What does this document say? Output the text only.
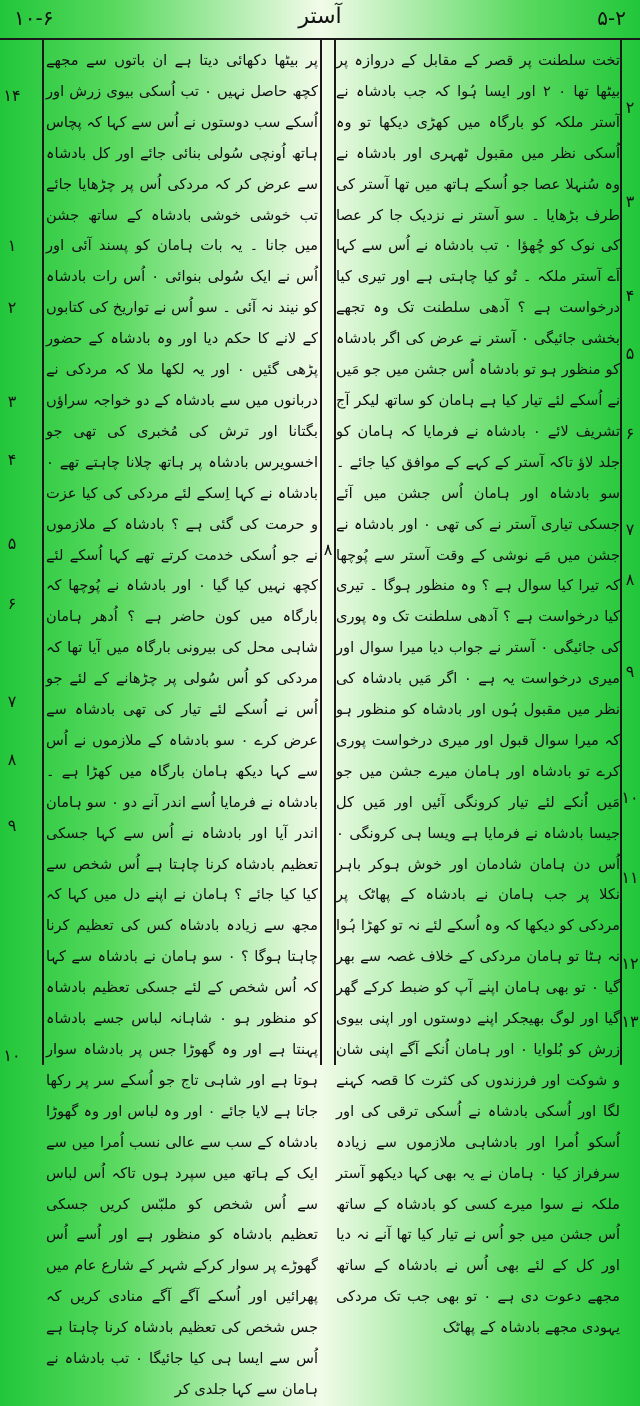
۱۰-۶	آستر	۵-۲

تخت سلطنت پر قصر کے مقابل کے دروازہ پر بیٹھا تھا ۰ ۲ اور ایسا ہُوا کہ جب بادشاہ نے آستر ملکہ کو بارگاہ میں کھڑی دیکھا تو وہ اُسکی نظر میں مقبول ٹھہری اور بادشاہ نے وہ سُنہلا عصا جو اُسکے ہاتھ میں تھا آستر کی طرف بڑھایا ۔ سو آستر نے نزدیک جا کر عصا کی نوک کو چُھؤا ۰ تب بادشاہ نے اُس سے کہا اَے آستر ملکہ ۔ تُو کیا چاہتی ہے اور تیری کیا درخواست ہے ؟ آدھی سلطنت تک وہ تجھے بخشی جائیگی ۰ آستر نے عرض کی اگر بادشاہ کو منظور ہو تو بادشاہ اُس جشن میں جو مَیں نے اُسکے لئے تیار کیا ہے ہامان کو ساتھ لیکر آج تشریف لائے ۰ بادشاہ نے فرمایا کہ ہامان کو جلد لاؤ تاکہ آستر کے کہے کے موافق کیا جائے ۔ سو بادشاہ اور ہامان اُس جشن میں آئے جسکی تیاری آستر نے کی تھی ۰ اور بادشاہ نے جشن میں مَے نوشی کے وقت آستر سے پُوچھا کہ تیرا کیا سوال ہے ؟ وہ منظور ہوگا ۔ تیری کیا درخواست ہے ؟ آدھی سلطنت تک وہ پوری کی جائیگی ۰ آستر نے جواب دیا میرا سوال اور میری درخواست یہ ہے ۰ اگر مَیں بادشاہ کی نظر میں مقبول ہُوں اور بادشاہ کو منظور ہو کہ میرا سوال قبول اور میری درخواست پوری کرے تو بادشاہ اور ہامان میرے جشن میں جو مَیں اُنکے لئے تیار کرونگی آئیں اور مَیں کل جیسا بادشاہ نے فرمایا ہے ویسا ہی کرونگی ۰ اُس دن ہامان شادمان اور خوش ہوکر باہر نکلا پر جب ہامان نے بادشاہ کے پھاٹک پر مردکی کو دیکھا کہ وہ اُسکے لئے نہ تو کھڑا ہُوا نہ ہٹا تو ہامان مردکی کے خلاف غصہ سے بھر گیا ۰ تو بھی ہامان اپنے آپ کو ضبط کرکے گھر گیا اور لوگ بھیجکر اپنے دوستوں اور اپنی بیوی زرش کو بُلوایا ۰ اور ہامان اُنکے آگے اپنی شان و شوکت اور فرزندوں کی کثرت کا قصہ کہنے لگا اور اُسکی بادشاہ نے اُسکی ترقی کی اور اُسکو اُمرا اور بادشاہی ملازموں سے زیادہ سرفراز کیا ۰ ہامان نے یہ بھی کہا دیکھو آستر ملکہ نے سوا میرے کسی کو بادشاہ کے ساتھ اُس جشن میں جو اُس نے تیار کیا تھا آنے نہ دیا اور کل کے لئے بھی اُس نے بادشاہ کے ساتھ مجھے دعوت دی ہے ۰ تو بھی جب تک مردکی یہودی مجھے بادشاہ کے پھاٹک

پر بیٹھا دکھائی دیتا ہے ان باتوں سے مجھے کچھ حاصل نہیں ۰ تب اُسکی بیوی زرش اور اُسکے سب دوستوں نے اُس سے کہا کہ پچاس ہاتھ اُونچی سُولی بنائی جائے اور کل بادشاہ سے عرض کر کہ مردکی اُس پر چڑھایا جائے تب خوشی خوشی بادشاہ کے ساتھ جشن میں جانا ۔ یہ بات ہامان کو پسند آئی اور اُس نے ایک سُولی بنوائی ۰ اُس رات بادشاہ کو نیند نہ آئی ۔ سو اُس نے تواریخ کی کتابوں کے لانے کا حکم دیا اور وہ بادشاہ کے حضور پڑھی گئیں ۰ اور یہ لکھا ملا کہ مردکی نے دربانوں میں سے بادشاہ کے دو خواجہ سراؤں بگتانا اور ترش کی مُخبری کی تھی جو اخسویرس بادشاہ پر ہاتھ چلانا چاہتے تھے ۰ بادشاہ نے کہا اِسکے لئے مردکی کی کیا عزت و حرمت کی گئی ہے ؟ بادشاہ کے ملازموں نے جو اُسکی خدمت کرتے تھے کہا اُسکے لئے کچھ نہیں کیا گیا ۰ اور بادشاہ نے پُوچھا کہ بارگاہ میں کون حاضر ہے ؟ اُدھر ہامان شاہی محل کی بیرونی بارگاہ میں آیا تھا کہ مردکی کو اُس سُولی پر چڑھانے کے لئے جو اُس نے اُسکے لئے تیار کی تھی بادشاہ سے عرض کرے ۰ سو بادشاہ کے ملازموں نے اُس سے کہا دیکھ ہامان بارگاہ میں کھڑا ہے ۔ بادشاہ نے فرمایا اُسے اندر آنے دو ۰ سو ہامان اندر آیا اور بادشاہ نے اُس سے کہا جسکی تعظیم بادشاہ کرنا چاہتا ہے اُس شخص سے کیا کیا جائے ؟ ہامان نے اپنے دل میں کہا کہ مجھ سے زیادہ بادشاہ کس کی تعظیم کرنا چاہتا ہوگا ؟ ۰ سو ہامان نے بادشاہ سے کہا کہ اُس شخص کے لئے جسکی تعظیم بادشاہ کو منظور ہو ۰ شاہانہ لباس جسے بادشاہ پہنتا ہے اور وہ گھوڑا جس پر بادشاہ سوار ہوتا ہے اور شاہی تاج جو اُسکے سر پر رکھا جاتا ہے لایا جائے ۰ اور وہ لباس اور وہ گھوڑا بادشاہ کے سب سے عالی نسب اُمرا میں سے ایک کے ہاتھ میں سپرد ہوں تاکہ اُس لباس سے اُس شخص کو ملبّس کریں جسکی تعظیم بادشاہ کو منظور ہے اور اُسے اُس گھوڑے پر سوار کرکے شہر کے شارع عام میں پھرائیں اور اُسکے آگے آگے منادی کریں کہ جس شخص کی تعظیم بادشاہ کرنا چاہتا ہے اُس سے ایسا ہی کیا جائیگا ۰ تب بادشاہ نے ہامان سے کہا جلدی کر

۲
۳
۴
۵
۶
۷
۸
۹
۱۰
۱۱
۱۲
۱۳
۸
۱۴
۱
۲
۳
۴
۵
۶
۷
۸
۹
۱۰
